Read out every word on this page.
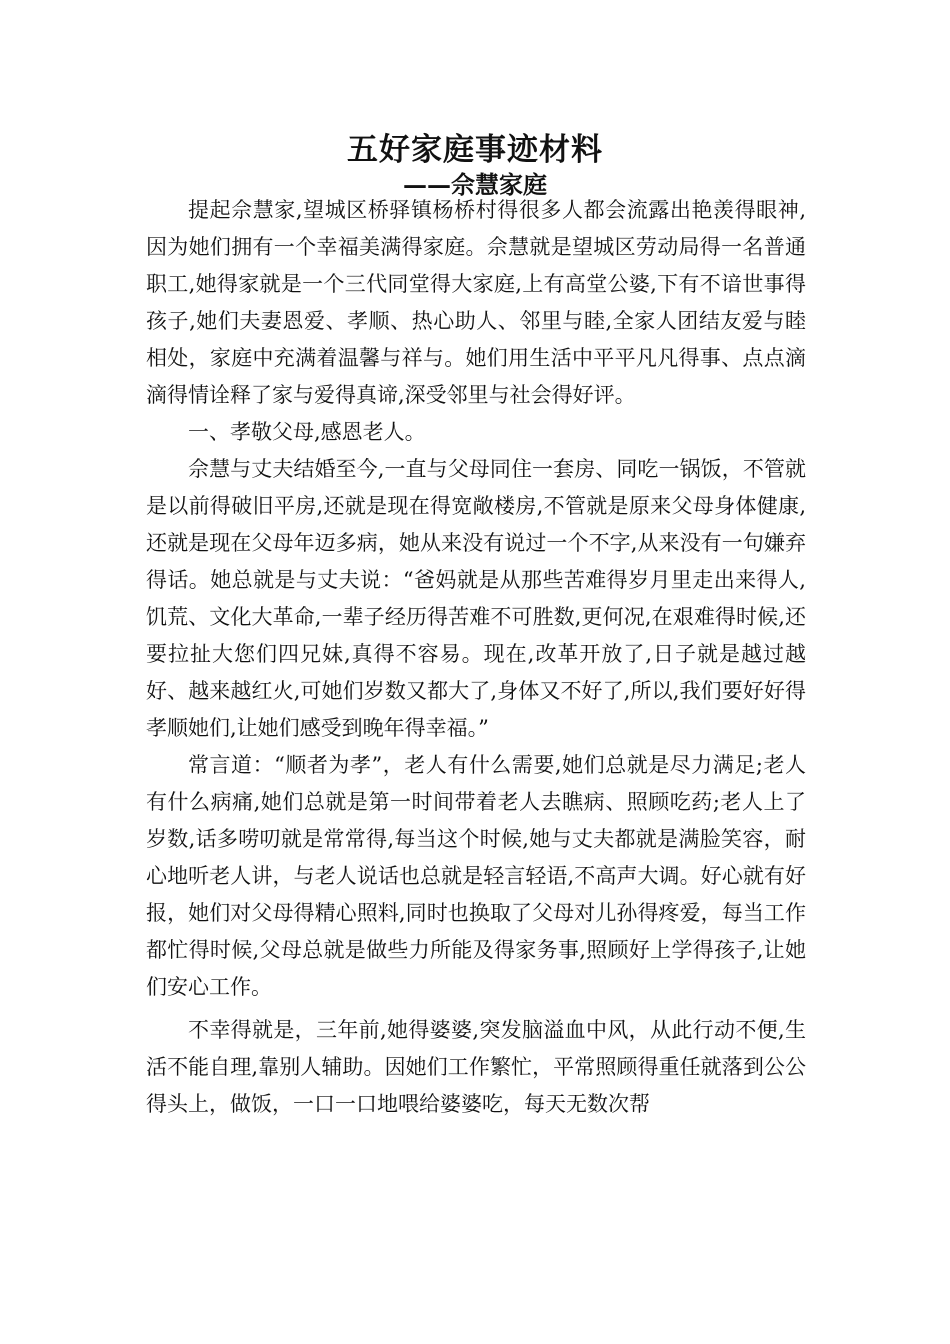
五好家庭事迹材料
——佘慧家庭

提起佘慧家,望城区桥驿镇杨桥村得很多人都会流露出艳羡得眼神,因为她们拥有一个幸福美满得家庭。佘慧就是望城区劳动局得一名普通职工,她得家就是一个三代同堂得大家庭,上有高堂公婆,下有不谙世事得孩子,她们夫妻恩爱、孝顺、热心助人、邻里与睦,全家人团结友爱与睦相处，家庭中充满着温馨与祥与。她们用生活中平平凡凡得事、点点滴滴得情诠释了家与爱得真谛,深受邻里与社会得好评。

一、孝敬父母,感恩老人。

佘慧与丈夫结婚至今,一直与父母同住一套房、同吃一锅饭，不管就是以前得破旧平房,还就是现在得宽敞楼房,不管就是原来父母身体健康,还就是现在父母年迈多病，她从来没有说过一个不字,从来没有一句嫌弃得话。她总就是与丈夫说：“爸妈就是从那些苦难得岁月里走出来得人,饥荒、文化大革命,一辈子经历得苦难不可胜数,更何况,在艰难得时候,还要拉扯大您们四兄妹,真得不容易。现在,改革开放了,日子就是越过越好、越来越红火,可她们岁数又都大了,身体又不好了,所以,我们要好好得孝顺她们,让她们感受到晚年得幸福。”

常言道：“顺者为孝”，老人有什么需要,她们总就是尽力满足;老人有什么病痛,她们总就是第一时间带着老人去瞧病、照顾吃药;老人上了岁数,话多唠叨就是常常得,每当这个时候,她与丈夫都就是满脸笑容，耐心地听老人讲，与老人说话也总就是轻言轻语,不高声大调。好心就有好报，她们对父母得精心照料,同时也换取了父母对儿孙得疼爱，每当工作都忙得时候,父母总就是做些力所能及得家务事,照顾好上学得孩子,让她们安心工作。

不幸得就是，三年前,她得婆婆,突发脑溢血中风，从此行动不便,生活不能自理,靠别人辅助。因她们工作繁忙，平常照顾得重任就落到公公得头上，做饭，一口一口地喂给婆婆吃，每天无数次帮
